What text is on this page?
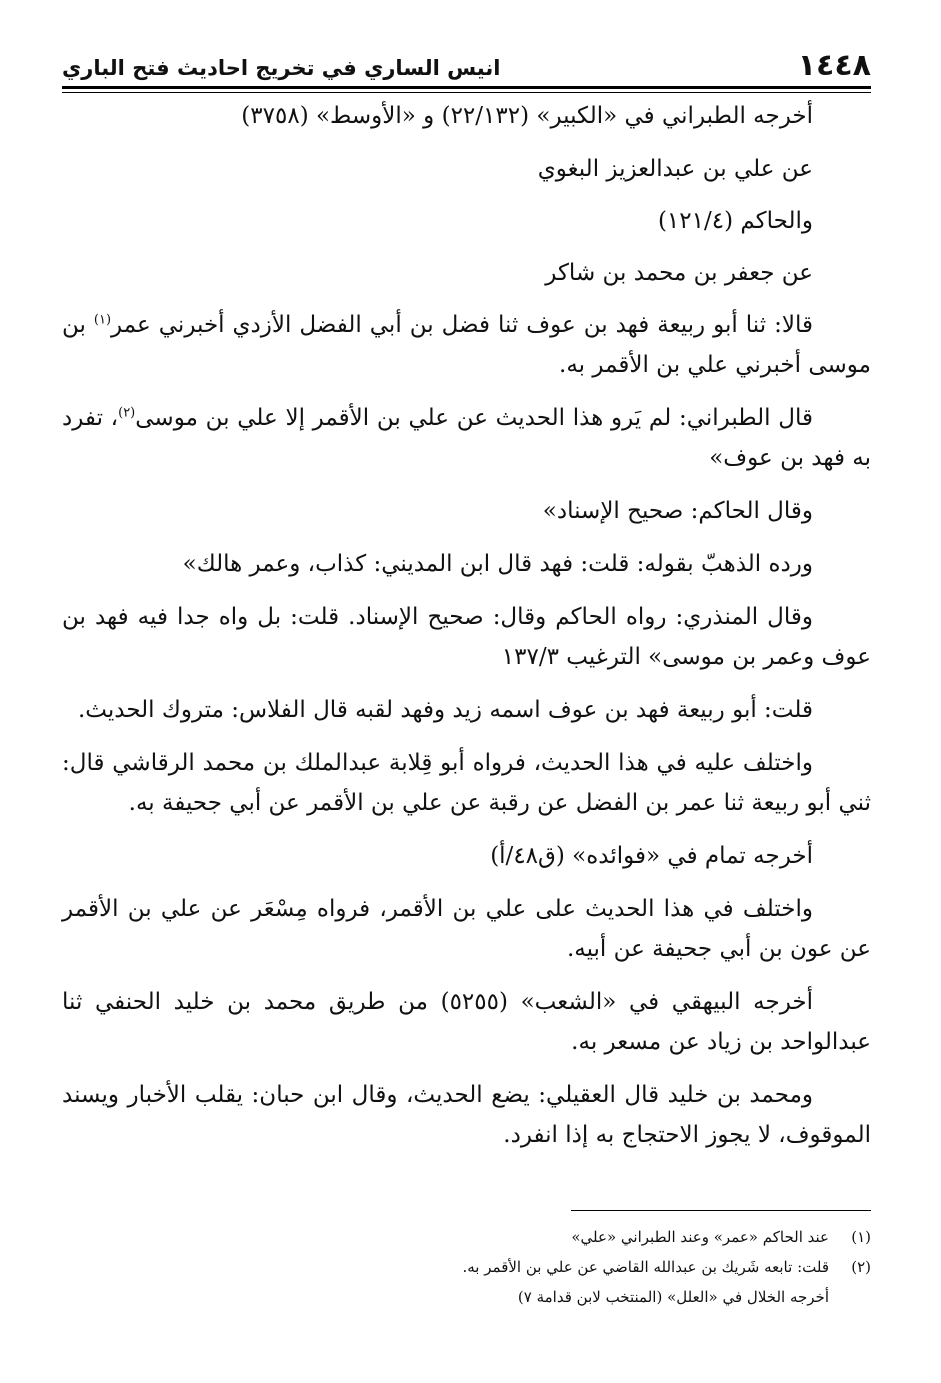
١٤٤٨
انيس الساري في تخريج احاديث فتح الباري

أخرجه الطبراني في «الكبير» (٢٢/١٣٢) و «الأوسط» (٣٧٥٨)

عن علي بن عبدالعزيز البغوي

والحاكم (١٢١/٤)

عن جعفر بن محمد بن شاكر

قالا: ثنا أبو ربيعة فهد بن عوف ثنا فضل بن أبي الفضل الأزدي أخبرني عمر$^{(١)}$ بن موسى أخبرني علي بن الأقمر به.

قال الطبراني: لم يَرو هذا الحديث عن علي بن الأقمر إلا علي بن موسى$^{(٢)}$، تفرد به فهد بن عوف»

وقال الحاكم: صحيح الإسناد»

ورده الذهبّ بقوله: قلت: فهد قال ابن المديني: كذاب، وعمر هالك»

وقال المنذري: رواه الحاكم وقال: صحيح الإسناد. قلت: بل واه جدا فيه فهد بن عوف وعمر بن موسى» الترغيب ١٣٧/٣

قلت: أبو ربيعة فهد بن عوف اسمه زيد وفهد لقبه قال الفلاس: متروك الحديث.

واختلف عليه في هذا الحديث، فرواه أبو قِلابة عبدالملك بن محمد الرقاشي قال: ثني أبو ربيعة ثنا عمر بن الفضل عن رقبة عن علي بن الأقمر عن أبي جحيفة به.

أخرجه تمام في «فوائده» (ق٤٨/أ)

واختلف في هذا الحديث على علي بن الأقمر، فرواه مِسْعَر عن علي بن الأقمر عن عون بن أبي جحيفة عن أبيه.

أخرجه البيهقي في «الشعب» (٥٢٥٥) من طريق محمد بن خليد الحنفي ثنا عبدالواحد بن زياد عن مسعر به.

ومحمد بن خليد قال العقيلي: يضع الحديث، وقال ابن حبان: يقلب الأخبار ويسند الموقوف، لا يجوز الاحتجاج به إذا انفرد.

(١)
عند الحاكم «عمر» وعند الطبراني «علي»
(٢)
قلت: تابعه شَريك بن عبدالله القاضي عن علي بن الأقمر به.
أخرجه الخلال في «العلل» (المنتخب لابن قدامة ٧)
